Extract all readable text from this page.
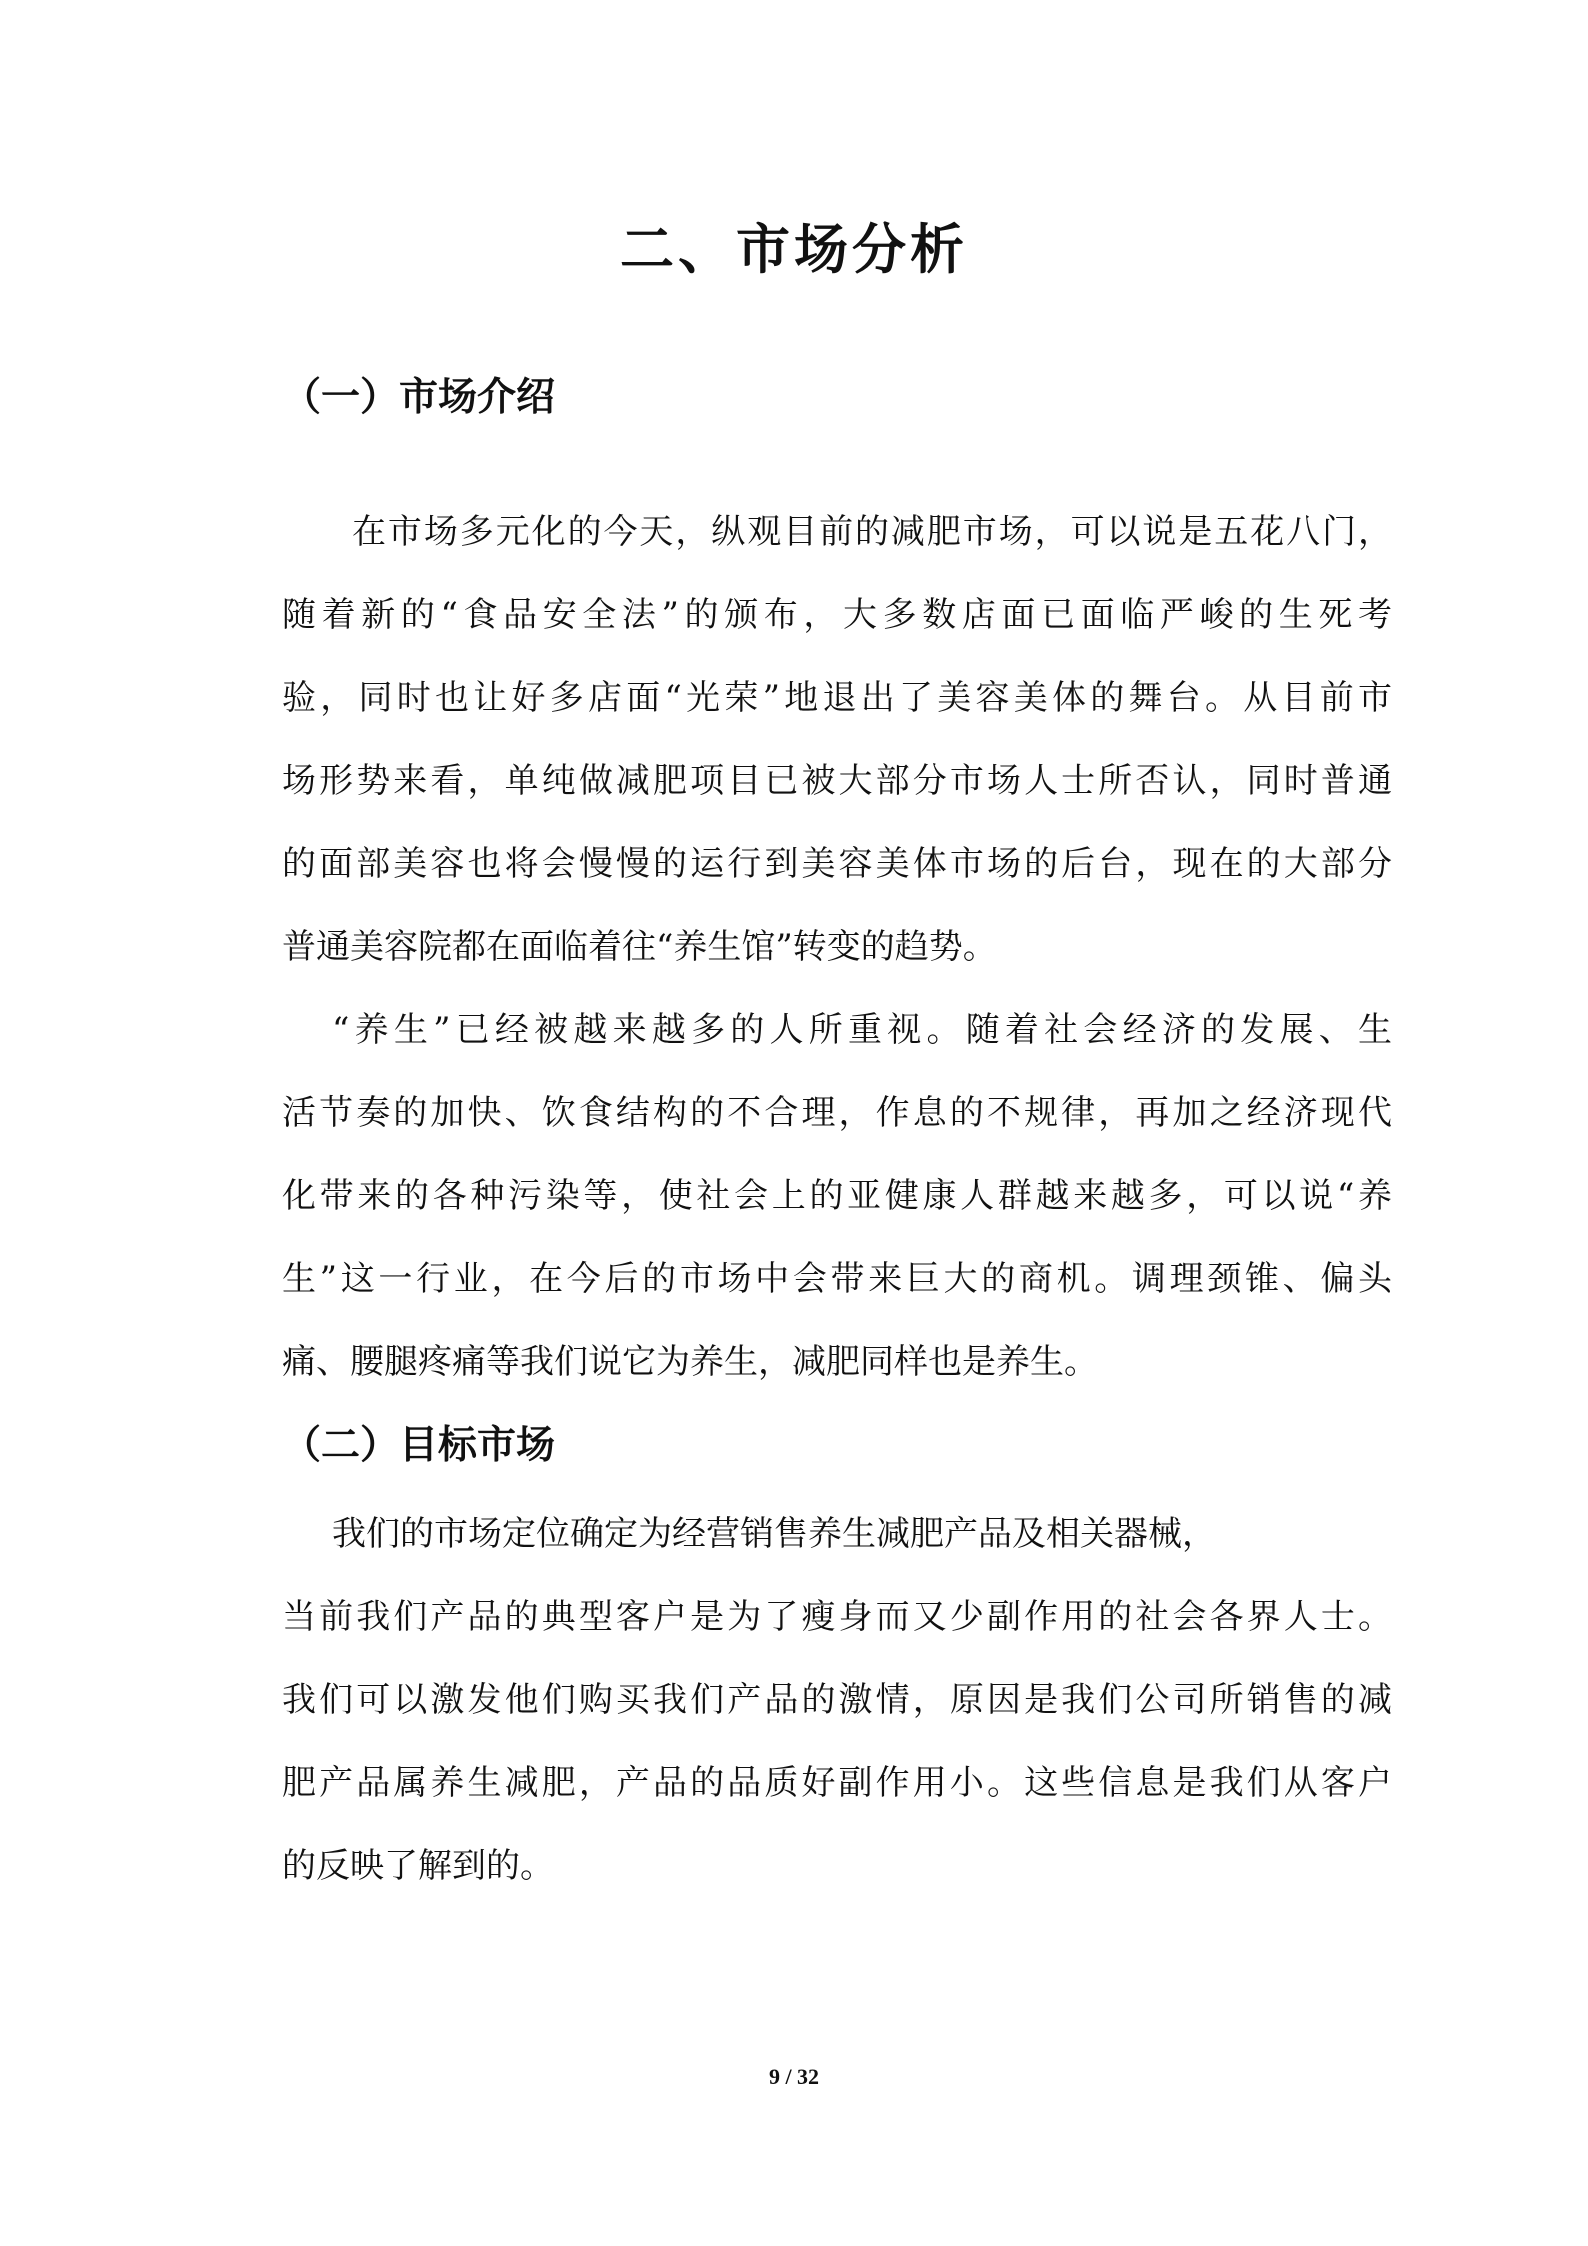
二、市场分析
（一）市场介绍

在市场多元化的今天，纵观目前的减肥市场，可以说是五花八门，

随着新的“食品安全法”的颁布，大多数店面已面临严峻的生死考

验，同时也让好多店面“光荣”地退出了美容美体的舞台。从目前市

场形势来看，单纯做减肥项目已被大部分市场人士所否认，同时普通

的面部美容也将会慢慢的运行到美容美体市场的后台，现在的大部分

普通美容院都在面临着往“养生馆”转变的趋势。

“养生”已经被越来越多的人所重视。随着社会经济的发展、生

活节奏的加快、饮食结构的不合理，作息的不规律，再加之经济现代

化带来的各种污染等，使社会上的亚健康人群越来越多，可以说“养

生”这一行业，在今后的市场中会带来巨大的商机。调理颈锥、偏头

痛、腰腿疼痛等我们说它为养生，减肥同样也是养生。

（二）目标市场

我们的市场定位确定为经营销售养生减肥产品及相关器械，

当前我们产品的典型客户是为了瘦身而又少副作用的社会各界人士。

我们可以激发他们购买我们产品的激情，原因是我们公司所销售的减

肥产品属养生减肥，产品的品质好副作用小。这些信息是我们从客户

的反映了解到的。

9 / 32
